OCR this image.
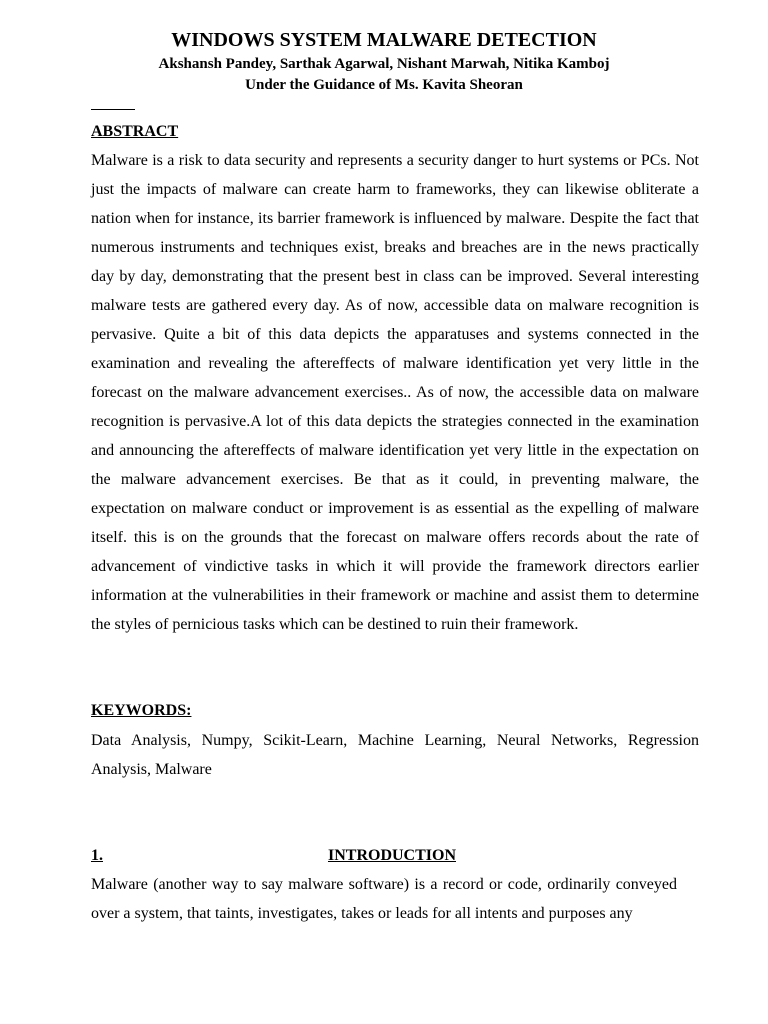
WINDOWS SYSTEM MALWARE DETECTION

Akshansh Pandey, Sarthak Agarwal, Nishant Marwah, Nitika Kamboj

Under the Guidance of Ms. Kavita Sheoran

ABSTRACT

Malware is a risk to data security and represents a security danger to hurt systems or PCs. Not just the impacts of malware can create harm to frameworks, they can likewise obliterate a nation when for instance, its barrier framework is influenced by malware. Despite the fact that numerous instruments and techniques exist, breaks and breaches are in the news practically day by day, demonstrating that the present best in class can be improved. Several interesting malware tests are gathered every day. As of now, accessible data on malware recognition is pervasive. Quite a bit of this data depicts the apparatuses and systems connected in the examination and revealing the aftereffects of malware identification yet very little in the forecast on the malware advancement exercises.. As of now, the accessible data on malware recognition is pervasive.A lot of this data depicts the strategies connected in the examination and announcing the aftereffects of malware identification yet very little in the expectation on the malware advancement exercises. Be that as it could, in preventing malware, the expectation on malware conduct or improvement is as essential as the expelling of malware itself. this is on the grounds that the forecast on malware offers records about the rate of advancement of vindictive tasks in which it will provide the framework directors earlier information at the vulnerabilities in their framework or machine and assist them to determine the styles of pernicious tasks which can be destined to ruin their framework.

KEYWORDS:

Data Analysis, Numpy, Scikit-Learn, Machine Learning, Neural Networks, Regression Analysis, Malware

1.	INTRODUCTION

Malware (another way to say malware software) is a record or code, ordinarily conveyed over a system, that taints, investigates, takes or leads for all intents and purposes any
